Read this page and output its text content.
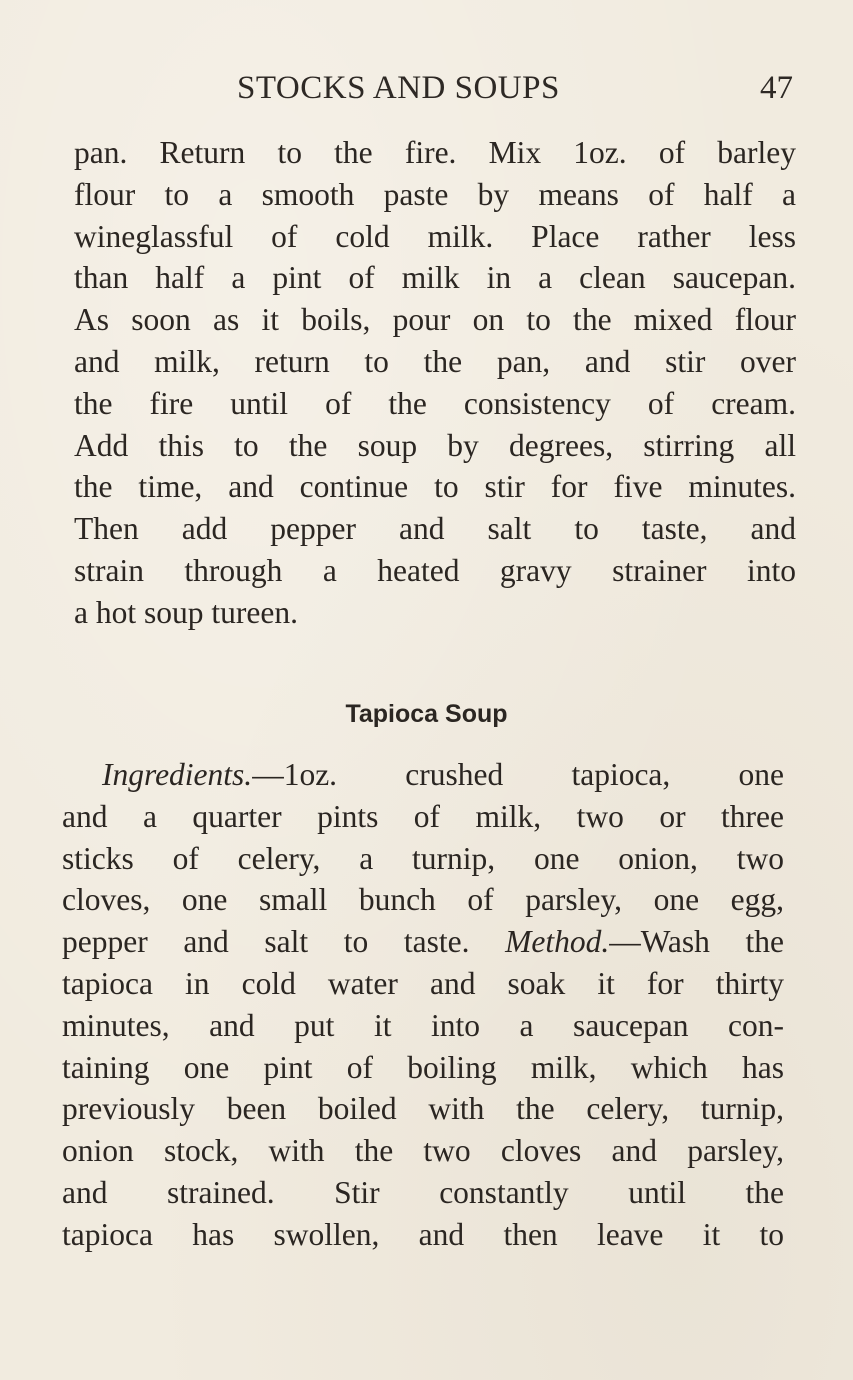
STOCKS AND SOUPS	47
pan. Return to the fire. Mix 1oz. of barley
flour to a smooth paste by means of half a
wineglassful of cold milk. Place rather less
than half a pint of milk in a clean saucepan.
As soon as it boils, pour on to the mixed flour
and milk, return to the pan, and stir over
the fire until of the consistency of cream.
Add this to the soup by degrees, stirring all
the time, and continue to stir for five minutes.
Then add pepper and salt to taste, and
strain through a heated gravy strainer into
a hot soup tureen.
Tapioca Soup
Ingredients.—1oz. crushed tapioca, one
and a quarter pints of milk, two or three
sticks of celery, a turnip, one onion, two
cloves, one small bunch of parsley, one egg,
pepper and salt to taste. Method.—Wash the
tapioca in cold water and soak it for thirty
minutes, and put it into a saucepan con-
taining one pint of boiling milk, which has
previously been boiled with the celery, turnip,
onion stock, with the two cloves and parsley,
and strained. Stir constantly until the
tapioca has swollen, and then leave it to
